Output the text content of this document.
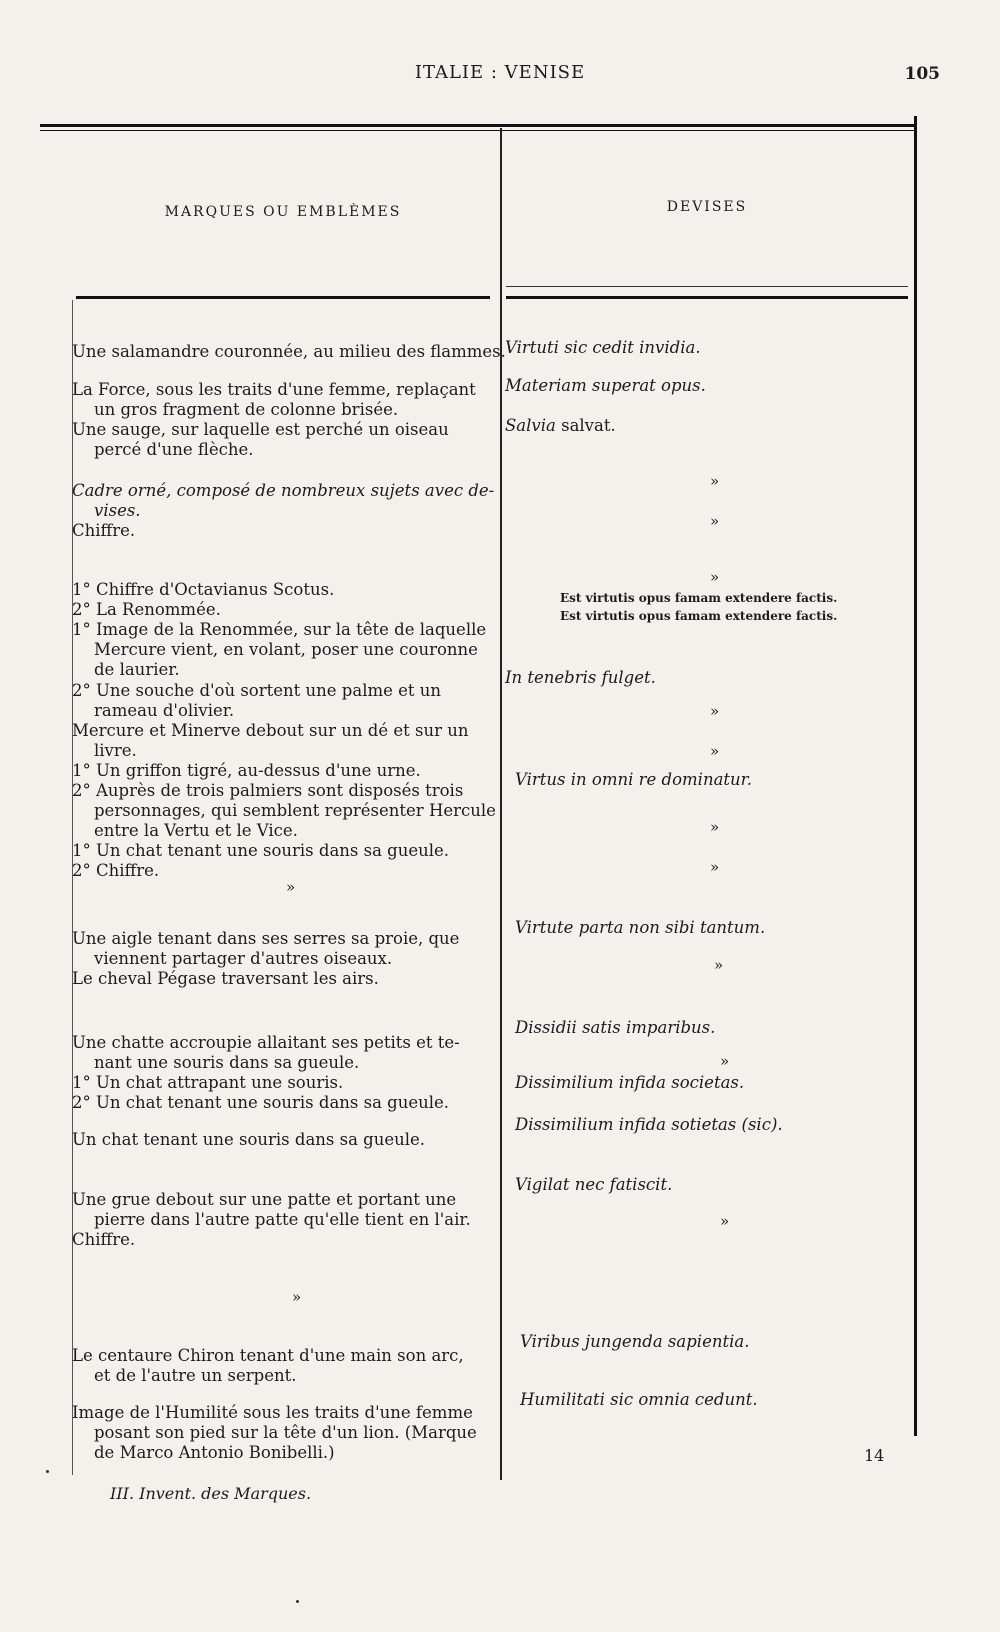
ITALIE : VENISE	105
MARQUES OU EMBLÈMES	DEVISES
Une salamandre couronnée, au milieu des flammes.
La Force, sous les traits d'une femme, replaçant
un gros fragment de colonne brisée.
Une sauge, sur laquelle est perché un oiseau
percé d'une flèche.
Cadre orné, composé de nombreux sujets avec de-
vises.
Chiffre.
1° Chiffre d'Octavianus Scotus.
2° La Renommée.
1° Image de la Renommée, sur la tête de laquelle
Mercure vient, en volant, poser une couronne
de laurier.
2° Une souche d'où sortent une palme et un
rameau d'olivier.
Mercure et Minerve debout sur un dé et sur un
livre.
1° Un griffon tigré, au-dessus d'une urne.
2° Auprès de trois palmiers sont disposés trois
personnages, qui semblent représenter Hercule
entre la Vertu et le Vice.
1° Un chat tenant une souris dans sa gueule.
2° Chiffre.
»
Une aigle tenant dans ses serres sa proie, que
viennent partager d'autres oiseaux.
Le cheval Pégase traversant les airs.
Une chatte accroupie allaitant ses petits et te-
nant une souris dans sa gueule.
1° Un chat attrapant une souris.
2° Un chat tenant une souris dans sa gueule.
Un chat tenant une souris dans sa gueule.
Une grue debout sur une patte et portant une
pierre dans l'autre patte qu'elle tient en l'air.
Chiffre.
»
Le centaure Chiron tenant d'une main son arc,
et de l'autre un serpent.
Image de l'Humilité sous les traits d'une femme
posant son pied sur la tête d'un lion. (Marque
de Marco Antonio Bonibelli.)
Virtuti sic cedit invidia.
Materiam superat opus.
Salvia salvat.
»
»
»
Est virtutis opus famam extendere factis.
Est virtutis opus famam extendere factis.
In tenebris fulget.
»
»
Virtus in omni re dominatur.
»
»
Virtute parta non sibi tantum.
»
Dissidii satis imparibus.
»
Dissimilium infida societas.
Dissimilium infida sotietas (sic).
Vigilat nec fatiscit.
»
Viribus jungenda sapientia.
Humilitati sic omnia cedunt.
14
III. Invent. des Marques.
